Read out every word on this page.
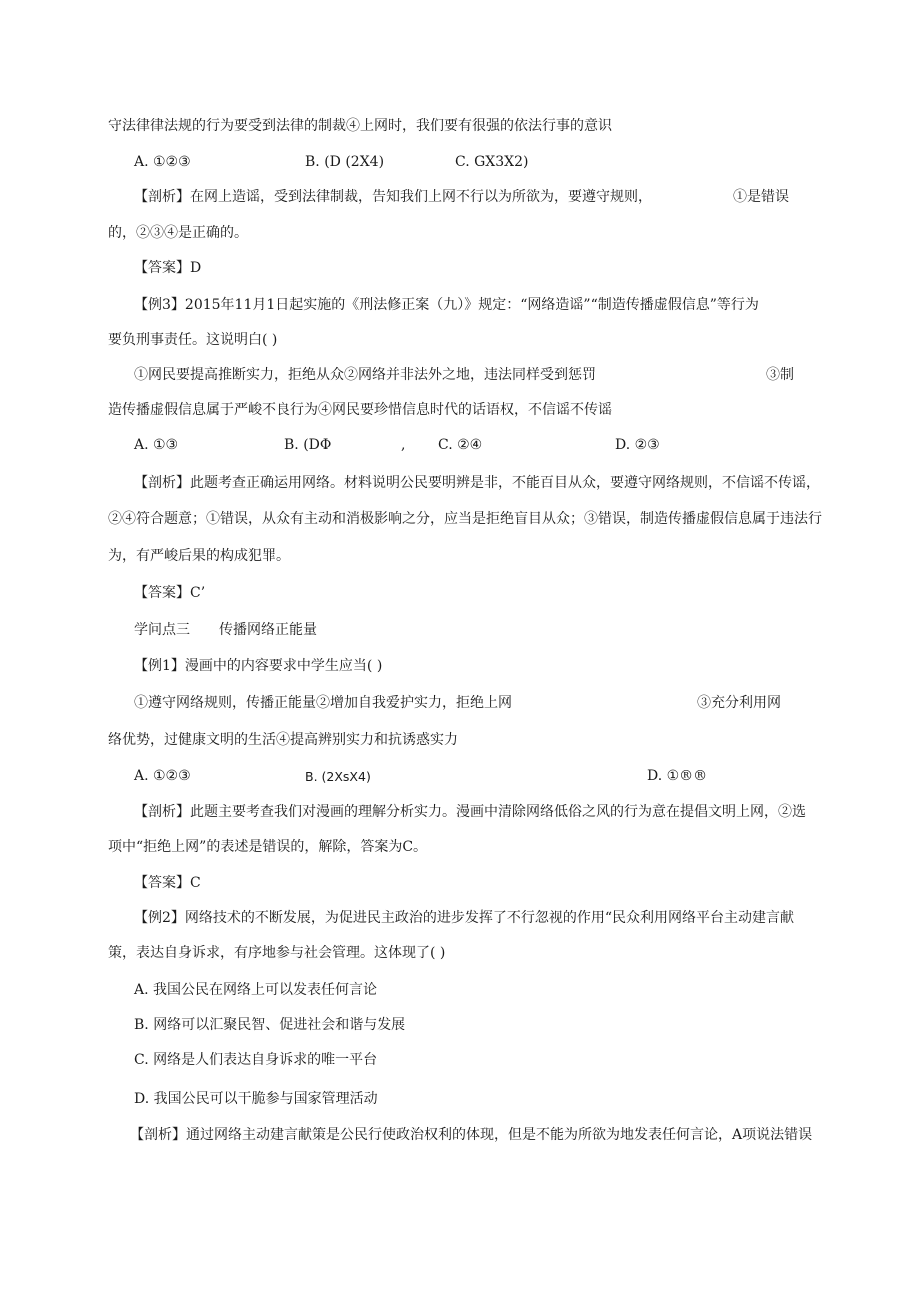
守法律律法规的行为要受到法律的制裁④上网时，我们要有很强的依法行事的意识
A. ①②③	B. (D (2X4)	C. GX3X2)
【剖析】在网上造谣，受到法律制裁，告知我们上网不行以为所欲为，要遵守规则，	①是错误
的，②③④是正确的。
【答案】D
【例3】2015年11月1日起实施的《刑法修正案（九）》规定：“网络造谣”“制造传播虚假信息”等行为
要负刑事责任。这说明白( )
①网民要提高推断实力，拒绝从众②网络并非法外之地，违法同样受到惩罚	③制
造传播虚假信息属于严峻不良行为④网民要珍惜信息时代的话语权，不信谣不传谣
A. ①③	B. (DΦ	, C. ②④	D. ②③
【剖析】此题考查正确运用网络。材料说明公民要明辨是非，不能百目从众，要遵守网络规则，不信谣不传谣，
②④符合题意；①错误，从众有主动和消极影响之分，应当是拒绝盲目从众；③错误，制造传播虚假信息属于违法行
为，有严峻后果的构成犯罪。
【答案】C’
学问点三 传播网络正能量
【例1】漫画中的内容要求中学生应当( )
①遵守网络规则，传播正能量②增加自我爱护实力，拒绝上网	③充分利用网
络优势，过健康文明的生活④提高辨别实力和抗诱惑实力
A. ①②③	B. (2XsX4)	D. ①®®
【剖析】此题主要考查我们对漫画的理解分析实力。漫画中清除网络低俗之风的行为意在提倡文明上网，②选
项中“拒绝上网”的表述是错误的，解除，答案为C。
【答案】C
【例2】网络技术的不断发展，为促进民主政治的进步发挥了不行忽视的作用“民众利用网络平台主动建言献
策，表达自身诉求，有序地参与社会管理。这体现了( )
A. 我国公民在网络上可以发表任何言论
B. 网络可以汇聚民智、促进社会和谐与发展
C. 网络是人们表达自身诉求的唯一平台
D. 我国公民可以干脆参与国家管理活动
【剖析】通过网络主动建言献策是公民行使政治权利的体现，但是不能为所欲为地发表任何言论，A项说法错误
